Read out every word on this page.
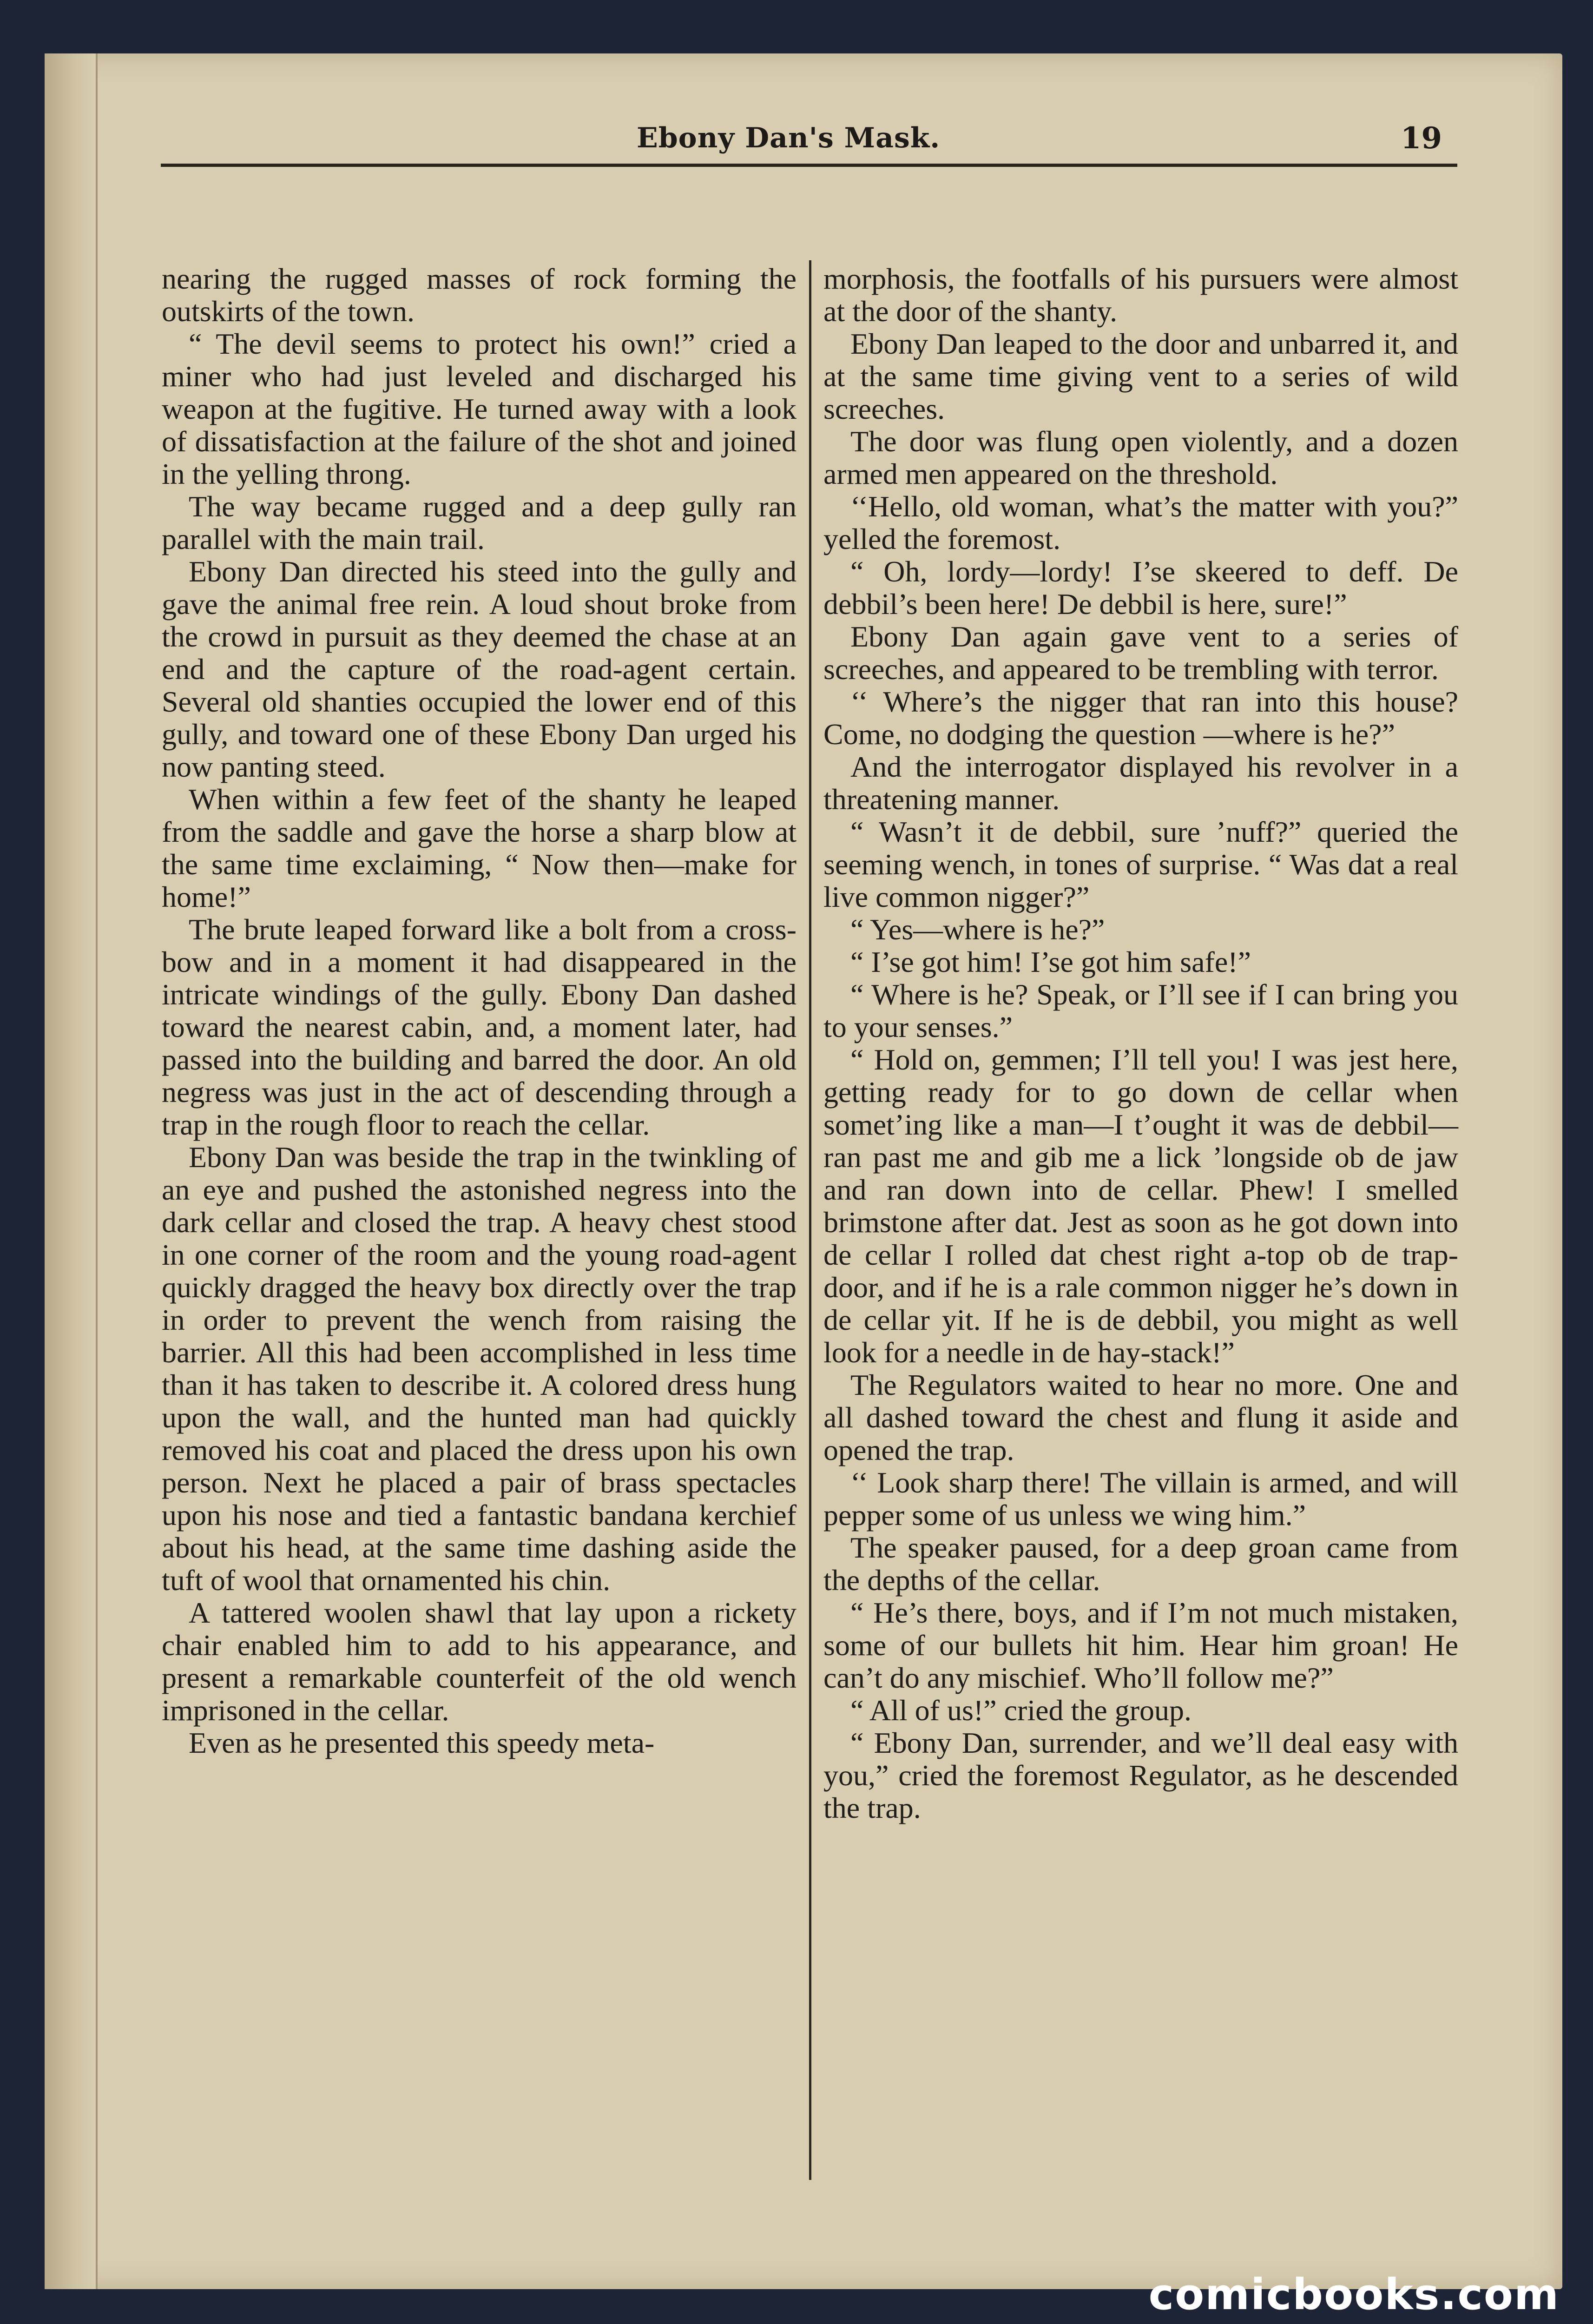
Ebony Dan's Mask.	19

nearing the rugged masses of rock forming the outskirts of the town.

“ The devil seems to protect his own!” cried a miner who had just leveled and discharged his weapon at the fugitive. He turned away with a look of dissatisfaction at the failure of the shot and joined in the yelling throng.

The way became rugged and a deep gully ran parallel with the main trail.

Ebony Dan directed his steed into the gully and gave the animal free rein. A loud shout broke from the crowd in pursuit as they deemed the chase at an end and the capture of the road-agent certain. Several old shanties occupied the lower end of this gully, and toward one of these Ebony Dan urged his now panting steed.

When within a few feet of the shanty he leaped from the saddle and gave the horse a sharp blow at the same time exclaiming, “ Now then—make for home!”

The brute leaped forward like a bolt from a cross-bow and in a moment it had disappeared in the intricate windings of the gully. Ebony Dan dashed toward the nearest cabin, and, a moment later, had passed into the building and barred the door. An old negress was just in the act of descending through a trap in the rough floor to reach the cellar.

Ebony Dan was beside the trap in the twinkling of an eye and pushed the astonished negress into the dark cellar and closed the trap. A heavy chest stood in one corner of the room and the young road-agent quickly dragged the heavy box directly over the trap in order to prevent the wench from raising the barrier. All this had been accomplished in less time than it has taken to describe it. A colored dress hung upon the wall, and the hunted man had quickly removed his coat and placed the dress upon his own person. Next he placed a pair of brass spectacles upon his nose and tied a fantastic bandana kerchief about his head, at the same time dashing aside the tuft of wool that ornamented his chin.

A tattered woolen shawl that lay upon a rickety chair enabled him to add to his appearance, and present a remarkable counterfeit of the old wench imprisoned in the cellar.

Even as he presented this speedy meta-

morphosis, the footfalls of his pursuers were almost at the door of the shanty.

Ebony Dan leaped to the door and unbarred it, and at the same time giving vent to a series of wild screeches.

The door was flung open violently, and a dozen armed men appeared on the threshold.

‘‘Hello, old woman, what’s the matter with you?” yelled the foremost.

“ Oh, lordy—lordy! I’se skeered to deff. De debbil’s been here! De debbil is here, sure!”

Ebony Dan again gave vent to a series of screeches, and appeared to be trembling with terror.

‘‘ Where’s the nigger that ran into this house? Come, no dodging the question —where is he?”

And the interrogator displayed his revolver in a threatening manner.

“ Wasn’t it de debbil, sure ’nuff?” queried the seeming wench, in tones of surprise. “ Was dat a real live common nigger?”

“ Yes—where is he?”

“ I’se got him! I’se got him safe!”

“ Where is he? Speak, or I’ll see if I can bring you to your senses.”

“ Hold on, gemmen; I’ll tell you! I was jest here, getting ready for to go down de cellar when somet’ing like a man—I t’ought it was de debbil—ran past me and gib me a lick ’longside ob de jaw and ran down into de cellar. Phew! I smelled brimstone after dat. Jest as soon as he got down into de cellar I rolled dat chest right a-top ob de trap-door, and if he is a rale common nigger he’s down in de cellar yit. If he is de debbil, you might as well look for a needle in de hay-stack!”

The Regulators waited to hear no more. One and all dashed toward the chest and flung it aside and opened the trap.

‘‘ Look sharp there! The villain is armed, and will pepper some of us unless we wing him.”

The speaker paused, for a deep groan came from the depths of the cellar.

“ He’s there, boys, and if I’m not much mistaken, some of our bullets hit him. Hear him groan! He can’t do any mischief. Who’ll follow me?”

“ All of us!” cried the group.

“ Ebony Dan, surrender, and we’ll deal easy with you,” cried the foremost Regulator, as he descended the trap.

comicbooks.com
